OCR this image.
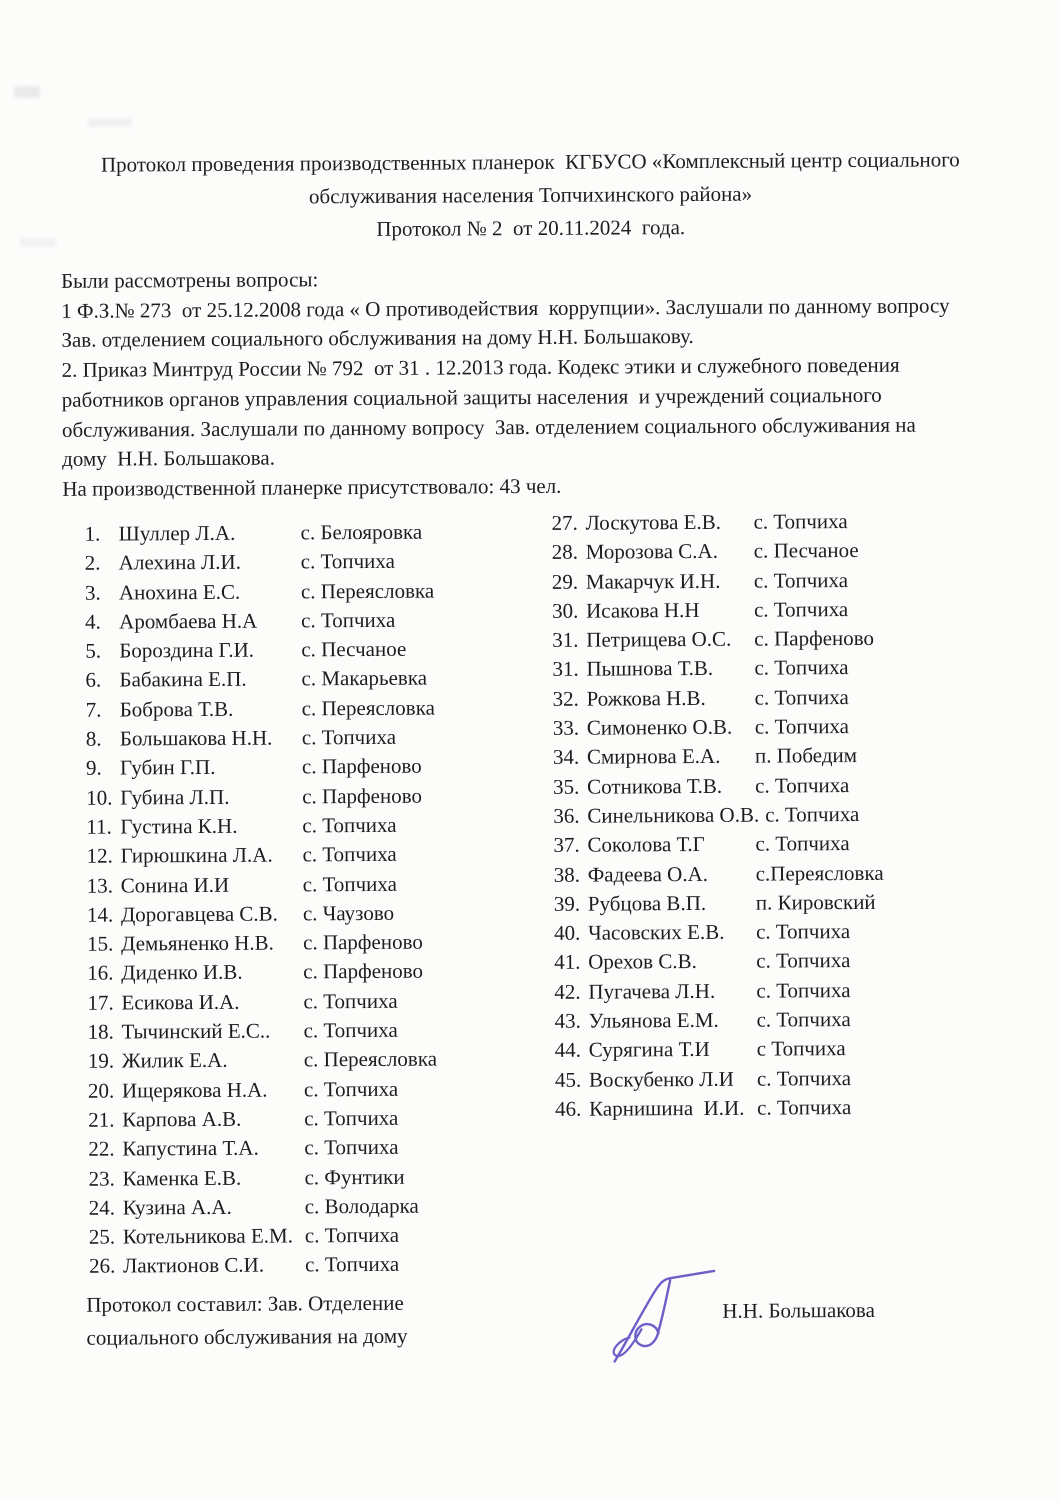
Протокол проведения производственных планерок  КГБУСО «Комплексный центр социального
обслуживания населения Топчихинского района»
Протокол № 2  от 20.11.2024  года.
Были рассмотрены вопросы:
1 Ф.З.№ 273  от 25.12.2008 года « О противодействия  коррупции». Заслушали по данному вопросу
Зав. отделением социального обслуживания на дому Н.Н. Большакову.
2. Приказ Минтруд России № 792  от 31 . 12.2013 года. Кодекс этики и служебного поведения
работников органов управления социальной защиты населения  и учреждений социального
обслуживания. Заслушали по данному вопросу  Зав. отделением социального обслуживания на
дому  Н.Н. Большакова.
На производственной планерке присутствовало: 43 чел.
1. Шуллер Л.А.	с. Белояровка
2. Алехина Л.И.	с. Топчиха
3. Анохина Е.С.	с. Переясловка
4. Аромбаева Н.А	с. Топчиха
5. Бороздина Г.И.	с. Песчаное
6. Бабакина Е.П.	с. Макарьевка
7. Боброва Т.В.	с. Переясловка
8. Большакова Н.Н.	с. Топчиха
9. Губин Г.П.	с. Парфеново
10. Губина Л.П.	с. Парфеново
11. Густина К.Н.	с. Топчиха
12. Гирюшкина Л.А.	с. Топчиха
13. Сонина И.И	с. Топчиха
14. Дорогавцева С.В.	с. Чаузово
15. Демьяненко Н.В.	с. Парфеново
16. Диденко И.В.	с. Парфеново
17. Есикова И.А.	с. Топчиха
18. Тычинский Е.С..	с. Топчиха
19. Жилик Е.А.	с. Переясловка
20. Ищерякова Н.А.	с. Топчиха
21. Карпова А.В.	с. Топчиха
22. Капустина Т.А.	с. Топчиха
23. Каменка Е.В.	с. Фунтики
24. Кузина А.А.	с. Володарка
25. Котельникова Е.М. с. Топчиха
26. Лактионов С.И.	с. Топчиха
27. Лоскутова Е.В.	с. Топчиха
28. Морозова С.А.	с. Песчаное
29. Макарчук И.Н.	с. Топчиха
30. Исакова Н.Н	с. Топчиха
31. Петрищева О.С.	с. Парфеново
31. Пышнова Т.В.	с. Топчиха
32. Рожкова Н.В.	с. Топчиха
33. Симоненко О.В.	с. Топчиха
34. Смирнова Е.А.	п. Победим
35. Сотникова Т.В.	с. Топчиха
36. Синельникова О.В. с. Топчиха
37. Соколова Т.Г	с. Топчиха
38. Фадеева О.А.	с.Переясловка
39. Рубцова В.П.	п. Кировский
40. Часовских Е.В.	с. Топчиха
41. Орехов С.В.	с. Топчиха
42. Пугачева Л.Н.	с. Топчиха
43. Ульянова Е.М.	с. Топчиха
44. Сурягина Т.И	с Топчиха
45. Воскубенко Л.И	с. Топчиха
46. Карнишина  И.И. с. Топчиха
Протокол составил: Зав. Отделение
социального обслуживания на дому
Н.Н. Большакова
